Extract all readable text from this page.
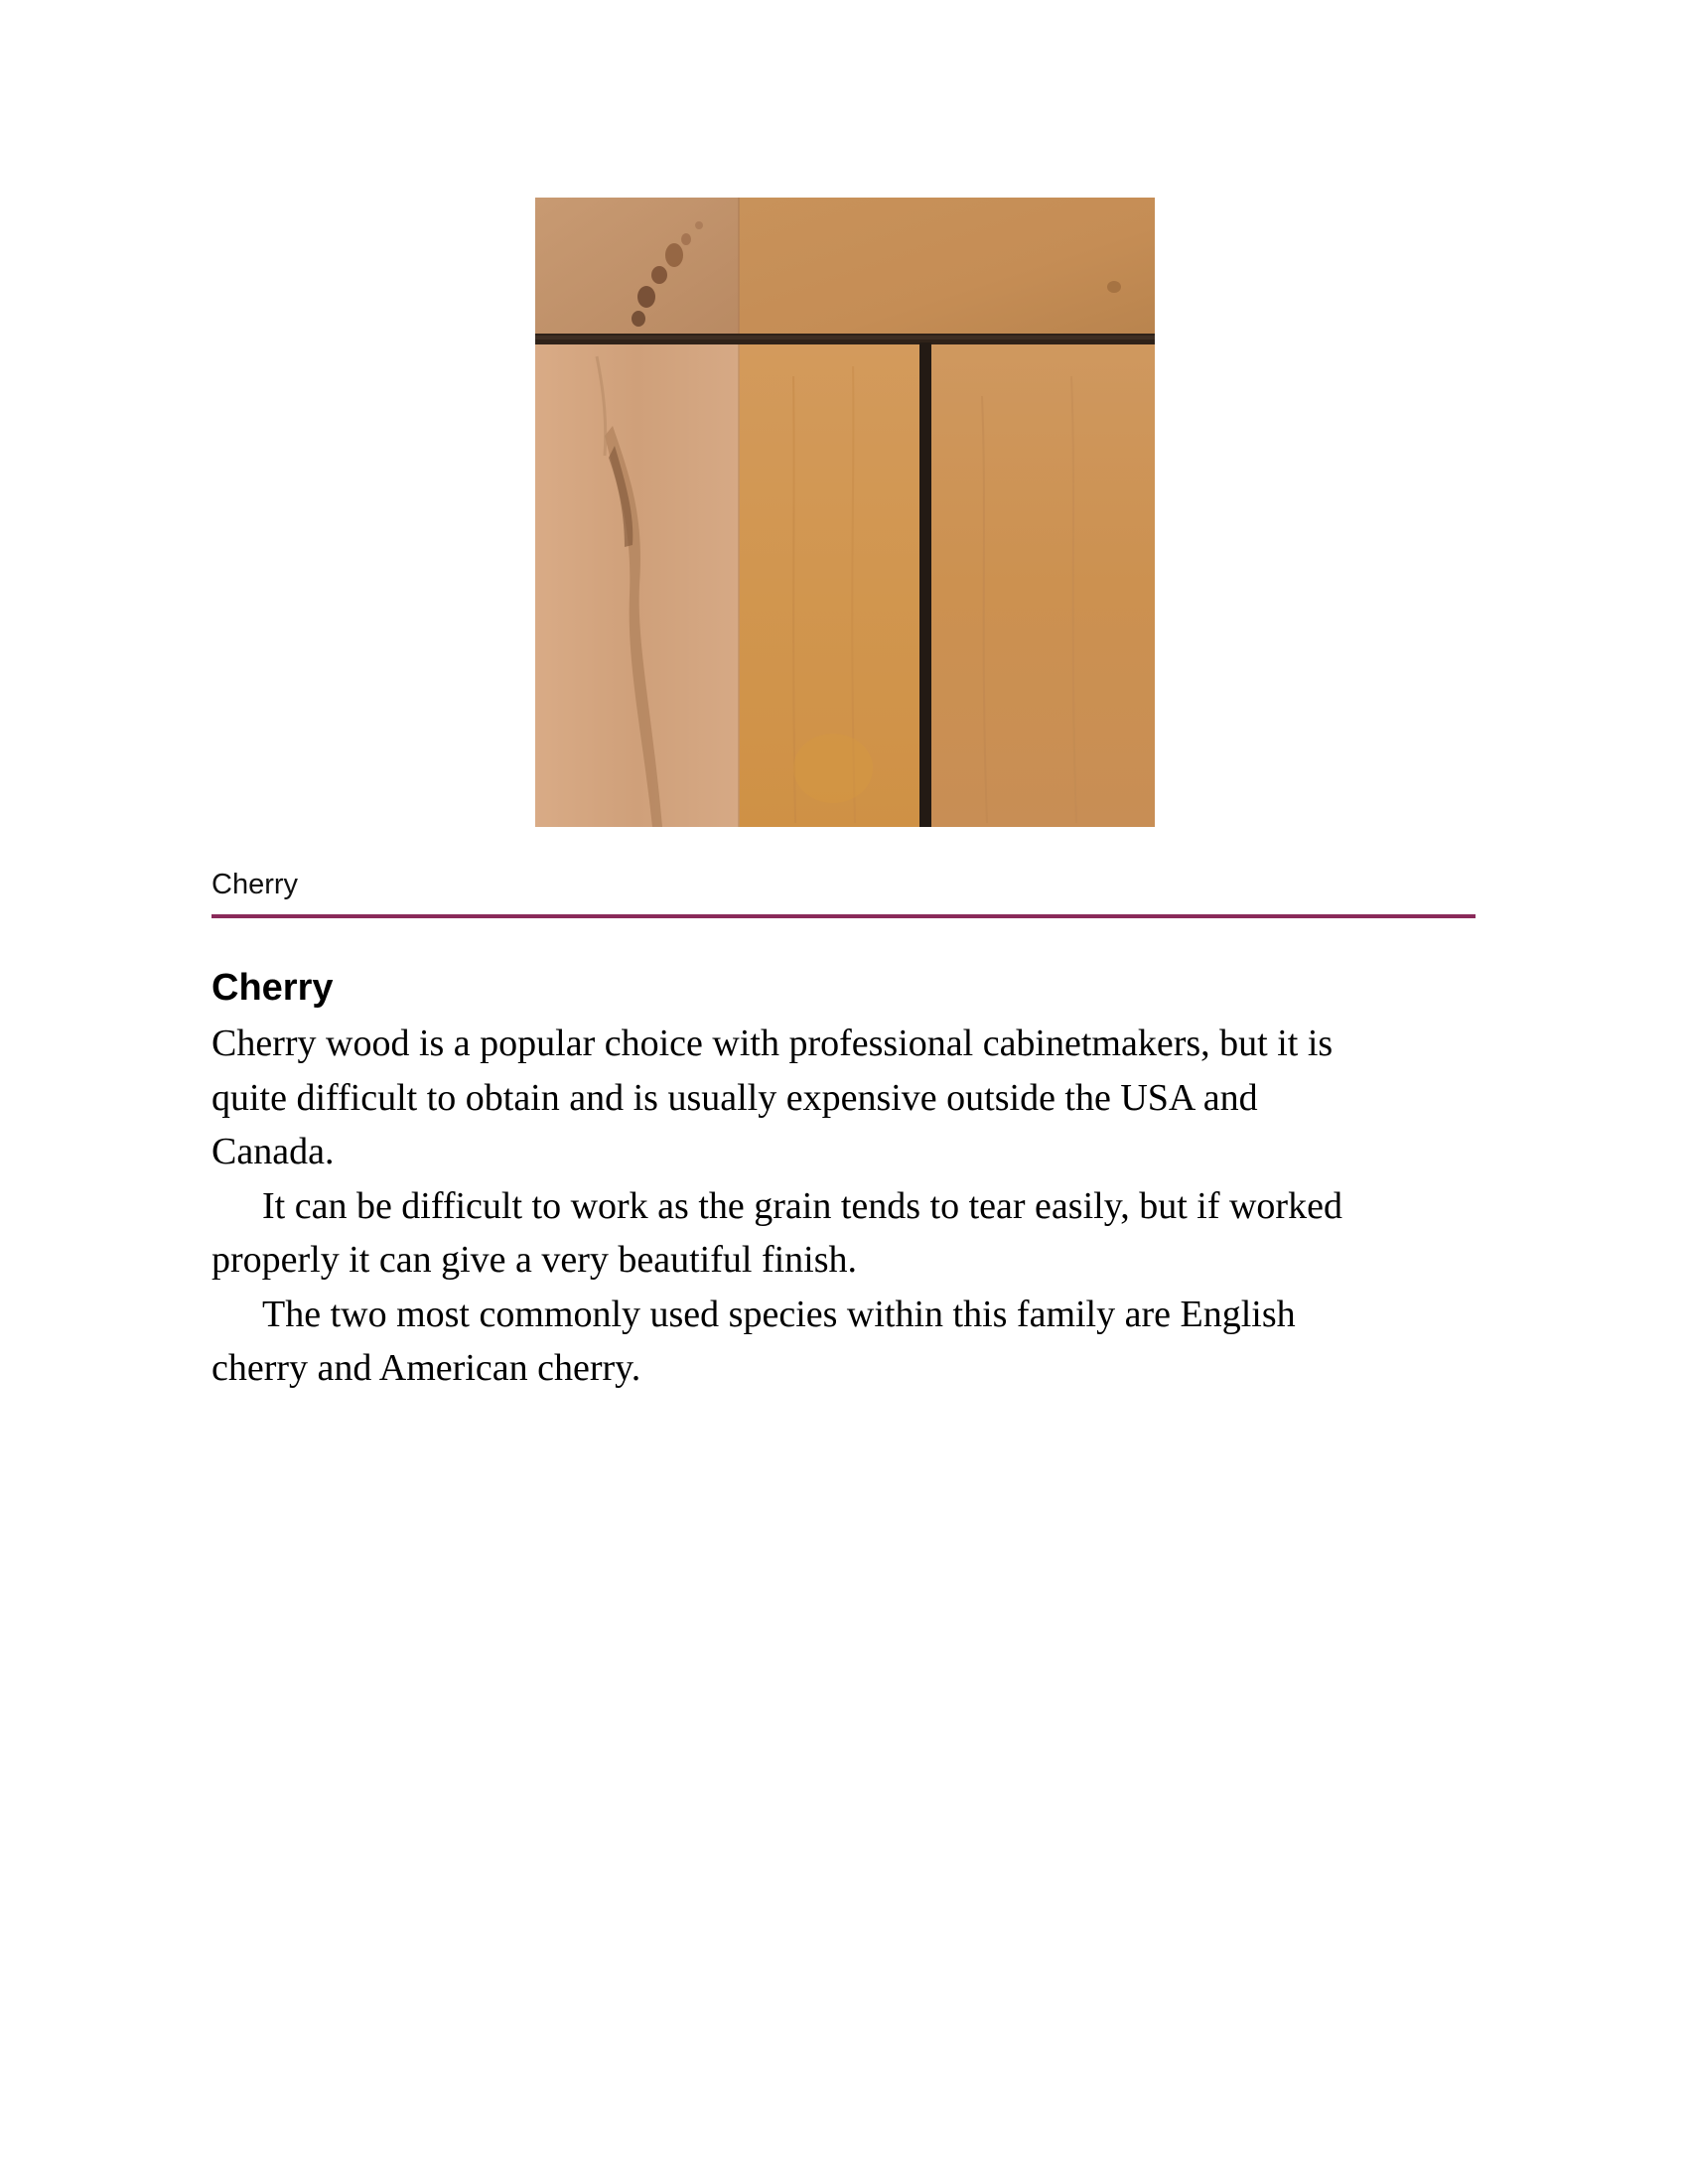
Cherry
Cherry

Cherry wood is a popular choice with professional cabinetmakers, but it is
quite difficult to obtain and is usually expensive outside the USA and
Canada.

It can be difficult to work as the grain tends to tear easily, but if worked
properly it can give a very beautiful finish.

The two most commonly used species within this family are English
cherry and American cherry.
